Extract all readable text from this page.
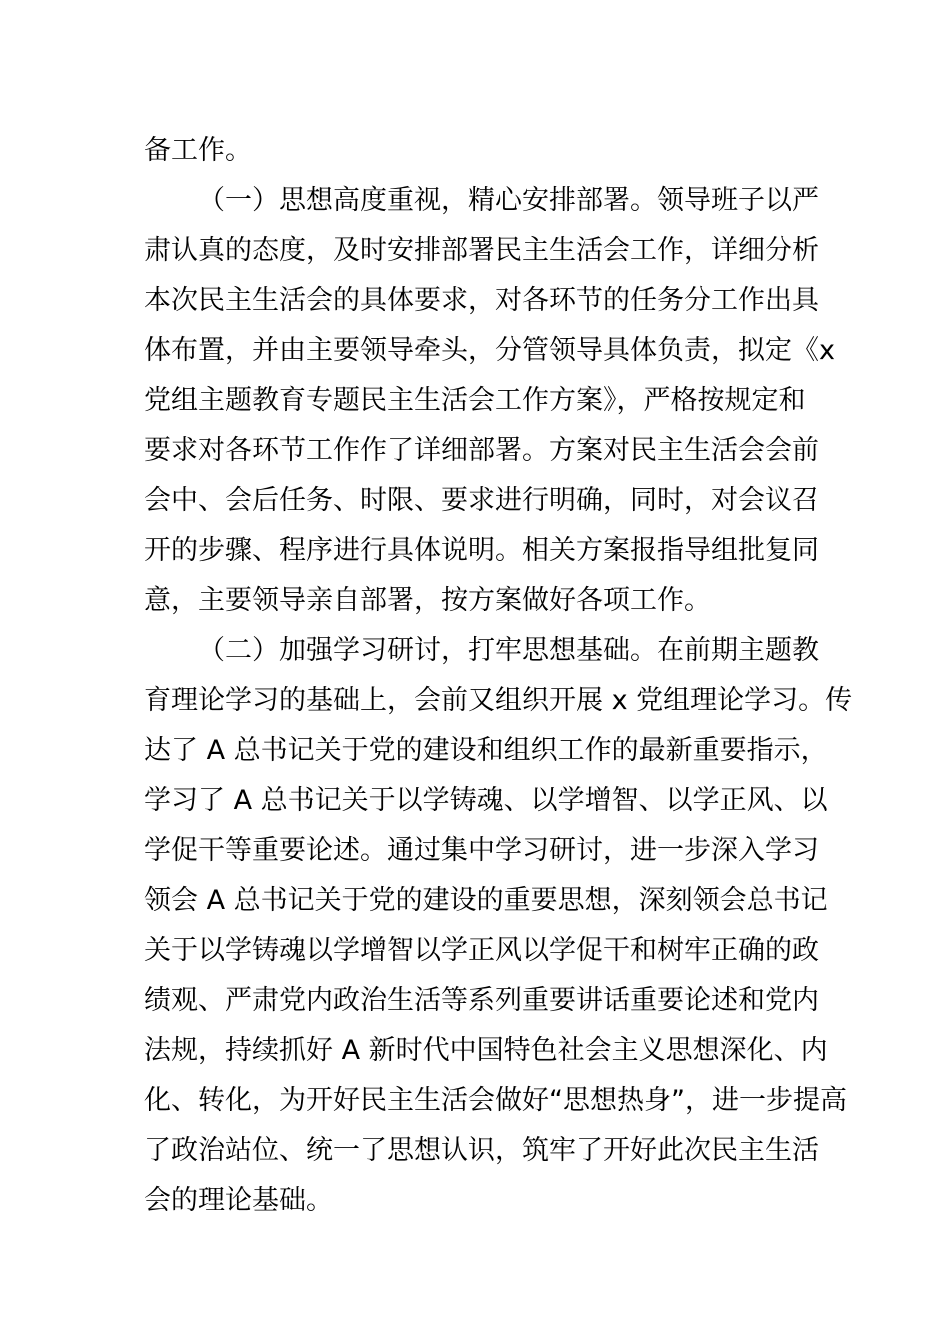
备工作。
（一）思想高度重视，精心安排部署。领导班子以严
肃认真的态度，及时安排部署民主生活会工作，详细分析
本次民主生活会的具体要求，对各环节的任务分工作出具
体布置，并由主要领导牵头，分管领导具体负责，拟定《x
党组主题教育专题民主生活会工作方案》，严格按规定和
要求对各环节工作作了详细部署。方案对民主生活会会前
会中、会后任务、时限、要求进行明确，同时，对会议召
开的步骤、程序进行具体说明。相关方案报指导组批复同
意，主要领导亲自部署，按方案做好各项工作。
（二）加强学习研讨，打牢思想基础。在前期主题教
育理论学习的基础上，会前又组织开展 x 党组理论学习。传
达了 A 总书记关于党的建设和组织工作的最新重要指示，
学习了 A 总书记关于以学铸魂、以学增智、以学正风、以
学促干等重要论述。通过集中学习研讨，进一步深入学习
领会 A 总书记关于党的建设的重要思想，深刻领会总书记
关于以学铸魂以学增智以学正风以学促干和树牢正确的政
绩观、严肃党内政治生活等系列重要讲话重要论述和党内
法规，持续抓好 A 新时代中国特色社会主义思想深化、内
化、转化，为开好民主生活会做好“思想热身”，进一步提高
了政治站位、统一了思想认识，筑牢了开好此次民主生活
会的理论基础。
